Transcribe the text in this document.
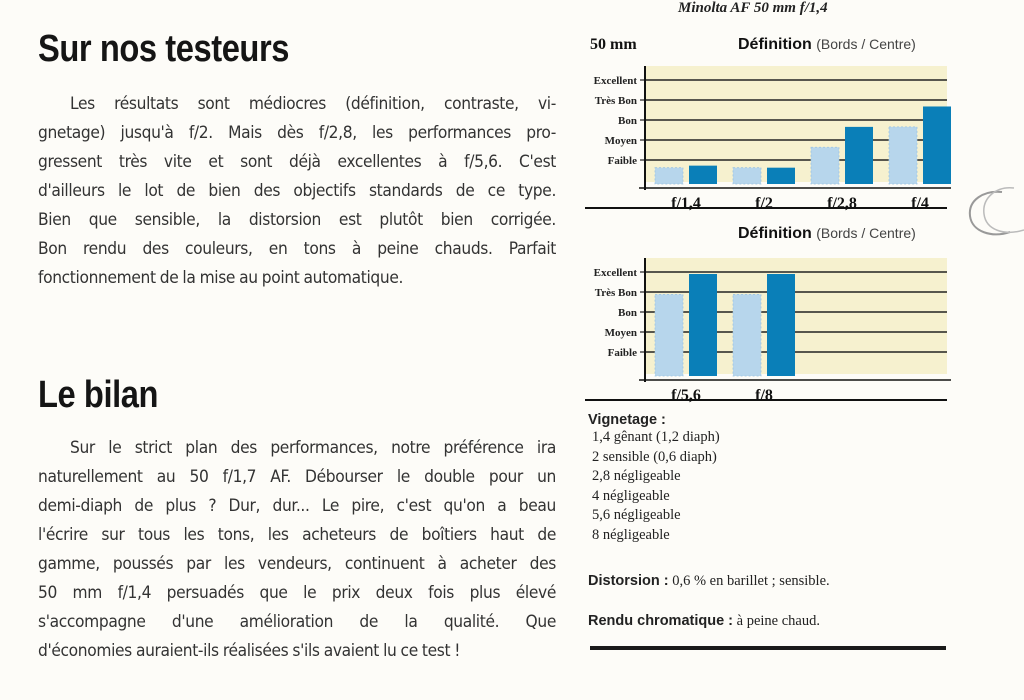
Minolta AF 50 mm f/1,4
Sur nos testeurs
Les résultats sont médiocres (définition, contraste, vi-
gnetage) jusqu'à f/2. Mais dès f/2,8, les performances pro-
gressent très vite et sont déjà excellentes à f/5,6. C'est
d'ailleurs le lot de bien des objectifs standards de ce type.
Bien que sensible, la distorsion est plutôt bien corrigée.
Bon rendu des couleurs, en tons à peine chauds. Parfait
fonctionnement de la mise au point automatique.
Le bilan
Sur le strict plan des performances, notre préférence ira
naturellement au 50 f/1,7 AF. Débourser le double pour un
demi-diaph de plus ? Dur, dur... Le pire, c'est qu'on a beau
l'écrire sur tous les tons, les acheteurs de boîtiers haut de
gamme, poussés par les vendeurs, continuent à acheter des
50 mm f/1,4 persuadés que le prix deux fois plus élevé
s'accompagne d'une amélioration de la qualité. Que
d'économies auraient-ils réalisées s'ils avaient lu ce test !
50 mm	Définition (Bords / Centre)
Excellent
Très Bon
Bon
Moyen
Faible
f/1,4	f/2	f/2,8	f/4
Définition (Bords / Centre)
Excellent
Très Bon
Bon
Moyen
Faible
f/5,6	f/8
Vignetage :
1,4 gênant (1,2 diaph)
2 sensible (0,6 diaph)
2,8 négligeable
4 négligeable
5,6 négligeable
8 négligeable
Distorsion : 0,6 % en barillet ; sensible.
Rendu chromatique : à peine chaud.
